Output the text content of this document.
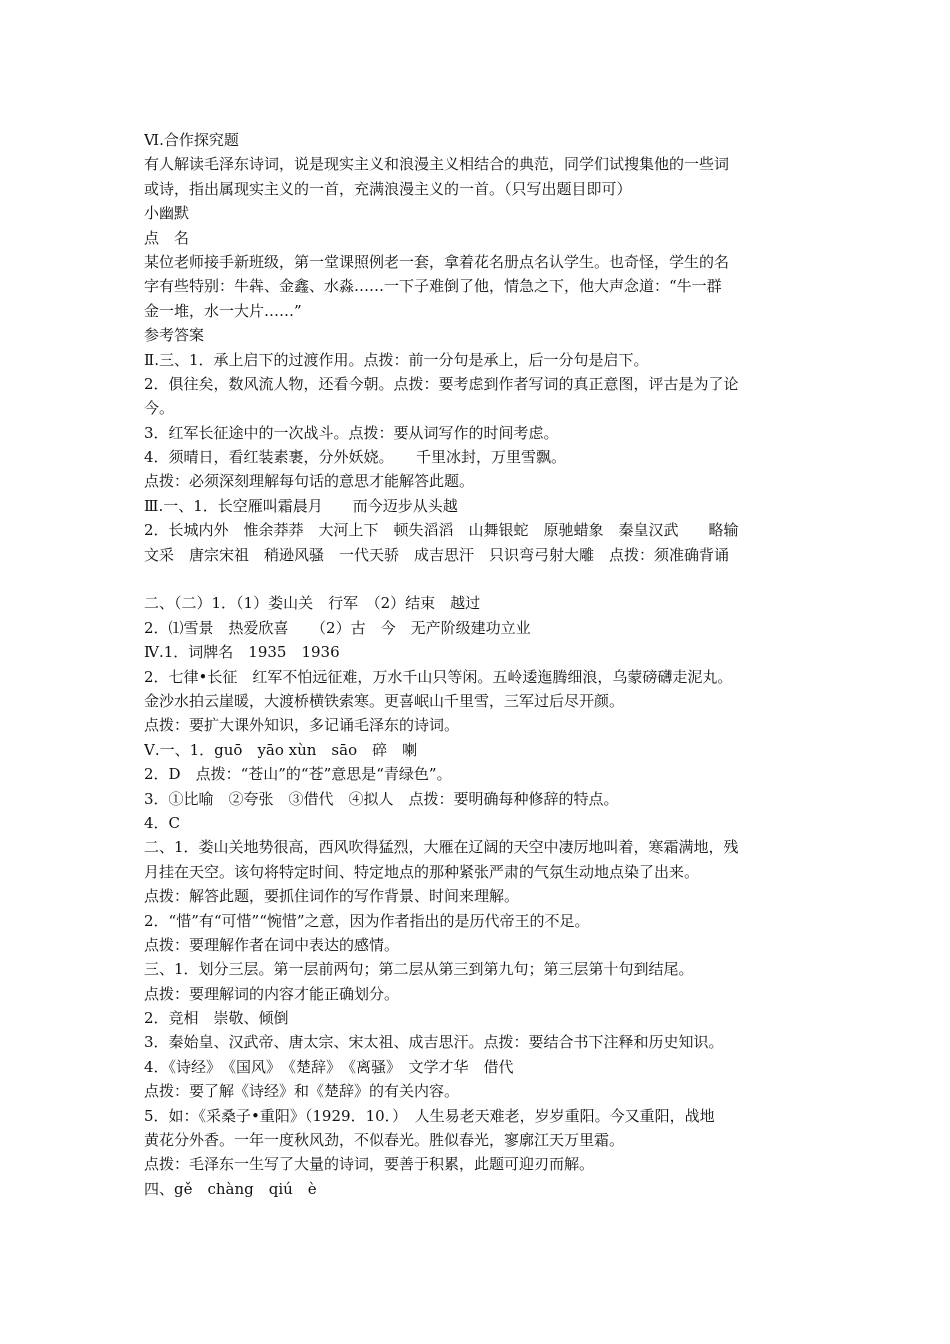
Ⅵ.合作探究题
有人解读毛泽东诗词，说是现实主义和浪漫主义相结合的典范，同学们试搜集他的一些词
或诗，指出属现实主义的一首，充满浪漫主义的一首。（只写出题目即可）
小幽默
点　名
某位老师接手新班级，第一堂课照例老一套，拿着花名册点名认学生。也奇怪，学生的名
字有些特别：牛犇、金鑫、水淼……一下子难倒了他，情急之下，他大声念道：“牛一群
金一堆，水一大片……”
参考答案
Ⅱ.三、1．承上启下的过渡作用。点拨：前一分句是承上，后一分句是启下。
2．俱往矣，数风流人物，还看今朝。点拨：要考虑到作者写词的真正意图，评古是为了论
今。
3．红军长征途中的一次战斗。点拨：要从词写作的时间考虑。
4．须晴日，看红装素裹，分外妖娆。　　千里冰封，万里雪飘。
点拨：必须深刻理解每句话的意思才能解答此题。
Ⅲ.一、1．长空雁叫霜晨月　　而今迈步从头越
2．长城内外　惟余莽莽　大河上下　顿失滔滔　山舞银蛇　原驰蜡象　秦皇汉武　　略输
文采　唐宗宋祖　稍逊风骚　一代天骄　成吉思汗　只识弯弓射大雕　点拨：须准确背诵
二、（二）1．（1）娄山关　行军　（2）结束　越过
2．⑴雪景　热爱欣喜　　（2）古　今　无产阶级建功立业
Ⅳ.1．词牌名　1935　1936
2．七律•长征　红军不怕远征难，万水千山只等闲。五岭逶迤腾细浪，乌蒙磅礴走泥丸。
金沙水拍云崖暖，大渡桥横铁索寒。更喜岷山千里雪，三军过后尽开颜。
点拨：要扩大课外知识，多记诵毛泽东的诗词。
Ⅴ.一、1．guō　yāo xùn　sāo　碎　喇
2．D　点拨：“苍山”的“苍”意思是“青绿色”。
3．①比喻　②夸张　③借代　④拟人　点拨：要明确每种修辞的特点。
4．C
二、1．娄山关地势很高，西风吹得猛烈，大雁在辽阔的天空中凄厉地叫着，寒霜满地，残
月挂在天空。该句将特定时间、特定地点的那种紧张严肃的气氛生动地点染了出来。
点拨：解答此题，要抓住词作的写作背景、时间来理解。
2．“惜”有“可惜”“惋惜”之意，因为作者指出的是历代帝王的不足。
点拨：要理解作者在词中表达的感情。
三、1．划分三层。第一层前两句；第二层从第三到第九句；第三层第十句到结尾。
点拨：要理解词的内容才能正确划分。
2．竞相　崇敬、倾倒
3．秦始皇、汉武帝、唐太宗、宋太祖、成吉思汗。点拨：要结合书下注释和历史知识。
4．《诗经》　《国风》　《楚辞》　《离骚》　文学才华　借代
点拨：要了解《诗经》和《楚辞》的有关内容。
5．如：《采桑子•重阳》（1929．10．）　人生易老天难老，岁岁重阳。今又重阳，战地
黄花分外香。一年一度秋风劲，不似春光。胜似春光，寥廓江天万里霜。
点拨：毛泽东一生写了大量的诗词，要善于积累，此题可迎刃而解。
四、gě　chàng　qiú　è
